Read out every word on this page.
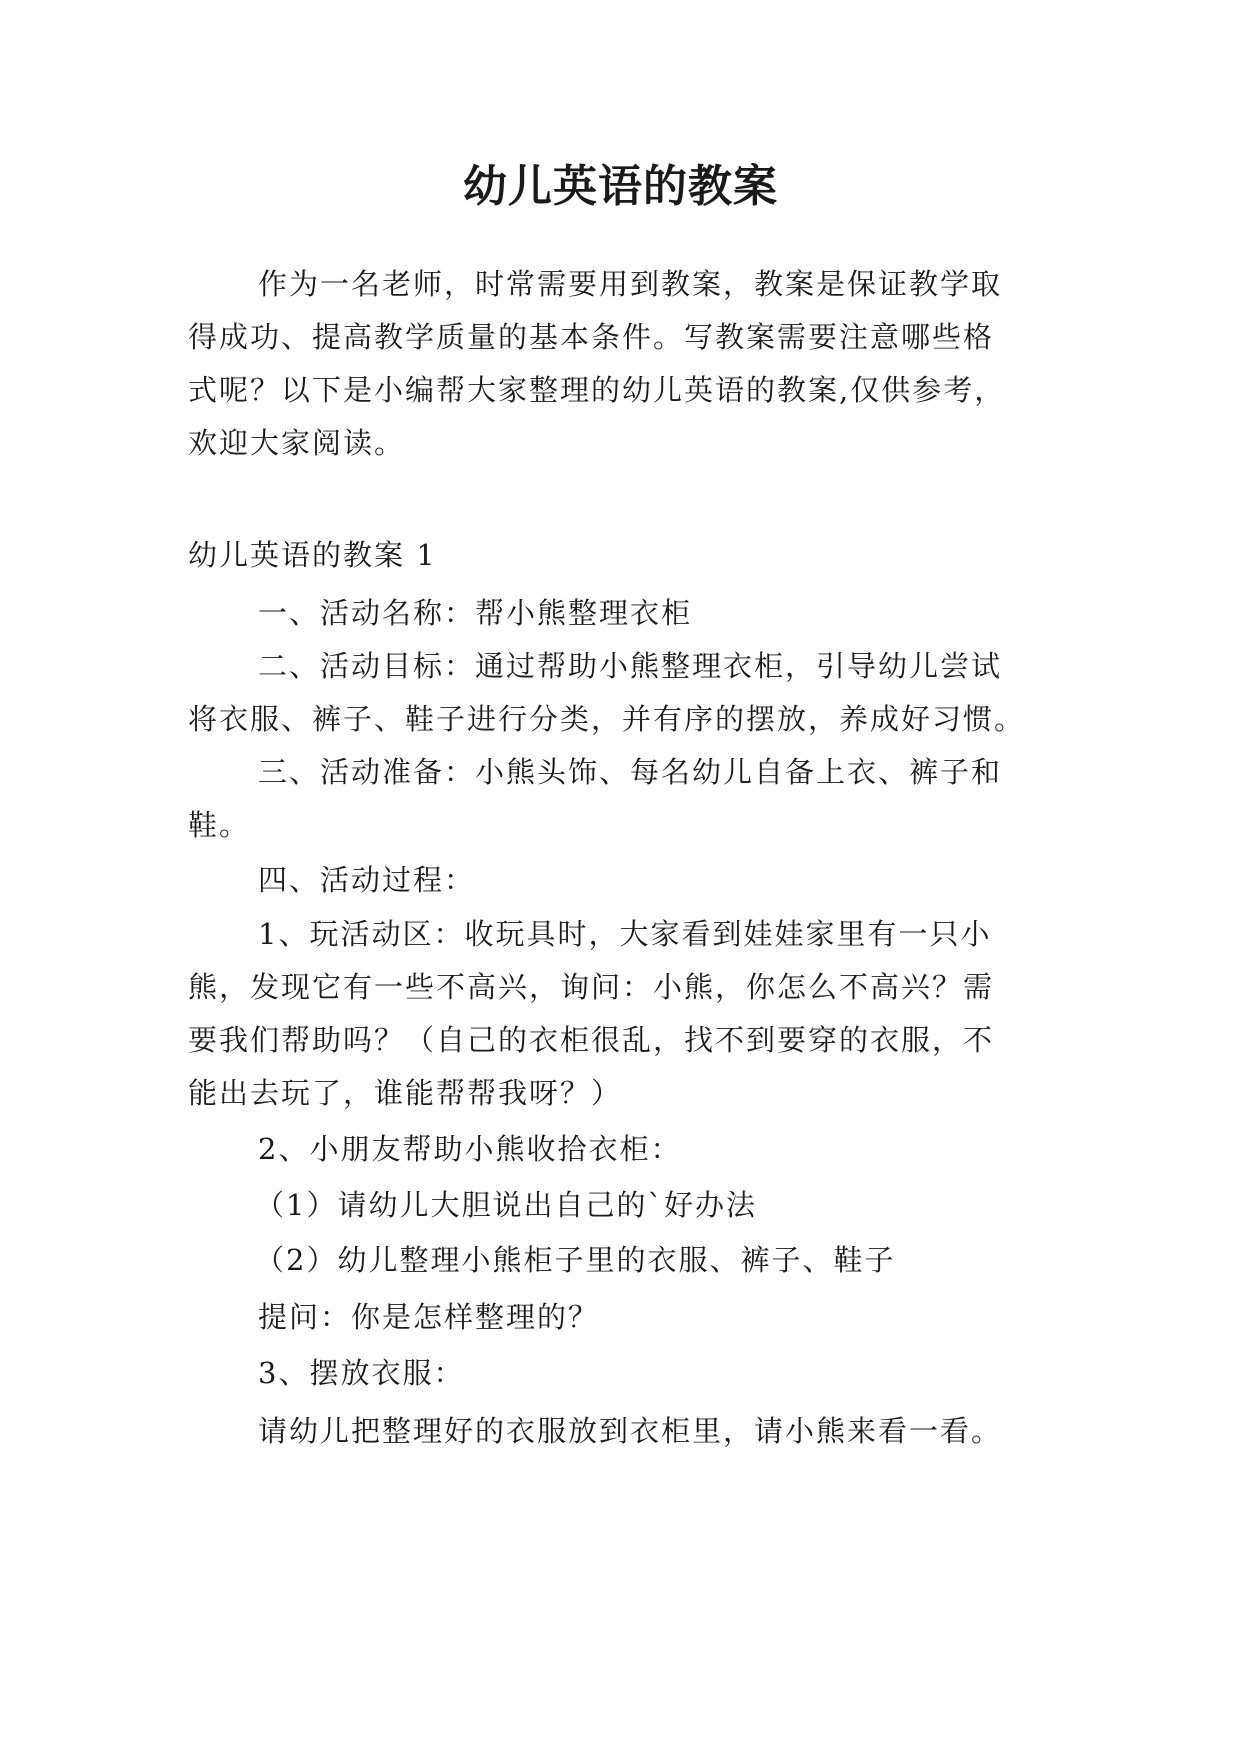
幼儿英语的教案
作为一名老师，时常需要用到教案，教案是保证教学取
得成功、提高教学质量的基本条件。写教案需要注意哪些格
式呢？以下是小编帮大家整理的幼儿英语的教案,仅供参考，
欢迎大家阅读。
幼儿英语的教案 1
一、活动名称：帮小熊整理衣柜
二、活动目标：通过帮助小熊整理衣柜，引导幼儿尝试
将衣服、裤子、鞋子进行分类，并有序的摆放，养成好习惯。
三、活动准备：小熊头饰、每名幼儿自备上衣、裤子和
鞋。
四、活动过程：
1、玩活动区：收玩具时，大家看到娃娃家里有一只小
熊，发现它有一些不高兴，询问：小熊，你怎么不高兴？需
要我们帮助吗？（自己的衣柜很乱，找不到要穿的衣服，不
能出去玩了，谁能帮帮我呀？）
2、小朋友帮助小熊收拾衣柜：
（1）请幼儿大胆说出自己的`好办法
（2）幼儿整理小熊柜子里的衣服、裤子、鞋子
提问：你是怎样整理的？
3、摆放衣服：
请幼儿把整理好的衣服放到衣柜里，请小熊来看一看。
